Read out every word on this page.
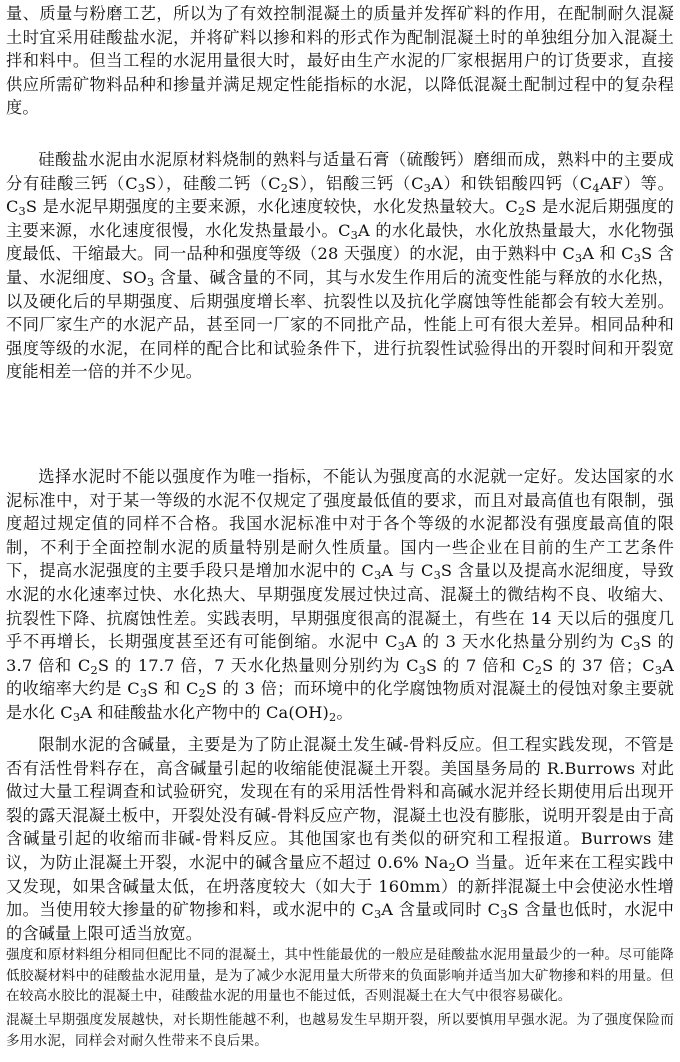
量、质量与粉磨工艺，所以为了有效控制混凝土的质量并发挥矿料的作用，在配制耐久混凝土时宜采用硅酸盐水泥，并将矿料以掺和料的形式作为配制混凝土时的单独组分加入混凝土拌和料中。但当工程的水泥用量很大时，最好由生产水泥的厂家根据用户的订货要求，直接供应所需矿物料品种和掺量并满足规定性能指标的水泥，以降低混凝土配制过程中的复杂程度。

硅酸盐水泥由水泥原材料烧制的熟料与适量石膏（硫酸钙）磨细而成，熟料中的主要成分有硅酸三钙$(C_3S)$，硅酸二钙$(C_2S)$，铝酸三钙$(C_3A)$和铁铝酸四钙$(C_4AF)$等。$C_3S$ 是水泥早期强度的主要来源，水化速度较快，水化发热量较大。$C_2S$ 是水泥后期强度的主要来源，水化速度很慢，水化发热量最小。$C_3A$ 的水化最快，水化放热量最大，水化物强度最低、干缩最大。同一品种和强度等级（28 天强度）的水泥，由于熟料中 $C_3A$ 和 $C_3S$ 含量、水泥细度、$SO_3$ 含量、碱含量的不同，其与水发生作用后的流变性能与释放的水化热，以及硬化后的早期强度、后期强度增长率、抗裂性以及抗化学腐蚀等性能都会有较大差别。不同厂家生产的水泥产品，甚至同一厂家的不同批产品，性能上可有很大差异。相同品种和强度等级的水泥，在同样的配合比和试验条件下，进行抗裂性试验得出的开裂时间和开裂宽度能相差一倍的并不少见。

选择水泥时不能以强度作为唯一指标，不能认为强度高的水泥就一定好。发达国家的水泥标准中，对于某一等级的水泥不仅规定了强度最低值的要求，而且对最高值也有限制，强度超过规定值的同样不合格。我国水泥标准中对于各个等级的水泥都没有强度最高值的限制，不利于全面控制水泥的质量特别是耐久性质量。国内一些企业在目前的生产工艺条件下，提高水泥强度的主要手段只是增加水泥中的 $C_3A$ 与 $C_3S$ 含量以及提高水泥细度，导致水泥的水化速率过快、水化热大、早期强度发展过快过高、混凝土的微结构不良、收缩大、抗裂性下降、抗腐蚀性差。实践表明，早期强度很高的混凝土，有些在 14 天以后的强度几乎不再增长，长期强度甚至还有可能倒缩。水泥中 $C_3A$ 的 3 天水化热量分别约为 $C_3S$ 的 3.7 倍和 $C_2S$ 的 17.7 倍，7 天水化热量则分别约为 $C_3S$ 的 7 倍和 $C_2S$ 的 37 倍；$C_3A$ 的收缩率大约是 $C_3S$ 和 $C_2S$ 的 3 倍；而环境中的化学腐蚀物质对混凝土的侵蚀对象主要就是水化 $C_3A$ 和硅酸盐水化产物中的 $Ca(OH)_2$。

限制水泥的含碱量，主要是为了防止混凝土发生碱-骨料反应。但工程实践发现，不管是否有活性骨料存在，高含碱量引起的收缩能使混凝土开裂。美国垦务局的 R.Burrows 对此做过大量工程调查和试验研究，发现在有的采用活性骨料和高碱水泥并经长期使用后出现开裂的露天混凝土板中，开裂处没有碱-骨料反应产物，混凝土也没有膨胀，说明开裂是由于高含碱量引起的收缩而非碱-骨料反应。其他国家也有类似的研究和工程报道。Burrows 建议，为防止混凝土开裂，水泥中的碱含量应不超过 0.6% $Na_2O$ 当量。近年来在工程实践中又发现，如果含碱量太低，在坍落度较大（如大于 160mm）的新拌混凝土中会使泌水性增加。当使用较大掺量的矿物掺和料，或水泥中的 $C_3A$ 含量或同时 $C_3S$ 含量也低时，水泥中的含碱量上限可适当放宽。

强度和原材料组分相同但配比不同的混凝土，其中性能最优的一般应是硅酸盐水泥用量最少的一种。尽可能降低胶凝材料中的硅酸盐水泥用量，是为了减少水泥用量大所带来的负面影响并适当加大矿物掺和料的用量。但在较高水胶比的混凝土中，硅酸盐水泥的用量也不能过低，否则混凝土在大气中很容易碳化。

混凝土早期强度发展越快，对长期性能越不利，也越易发生早期开裂，所以要慎用早强水泥。为了强度保险而多用水泥，同样会对耐久性带来不良后果。
